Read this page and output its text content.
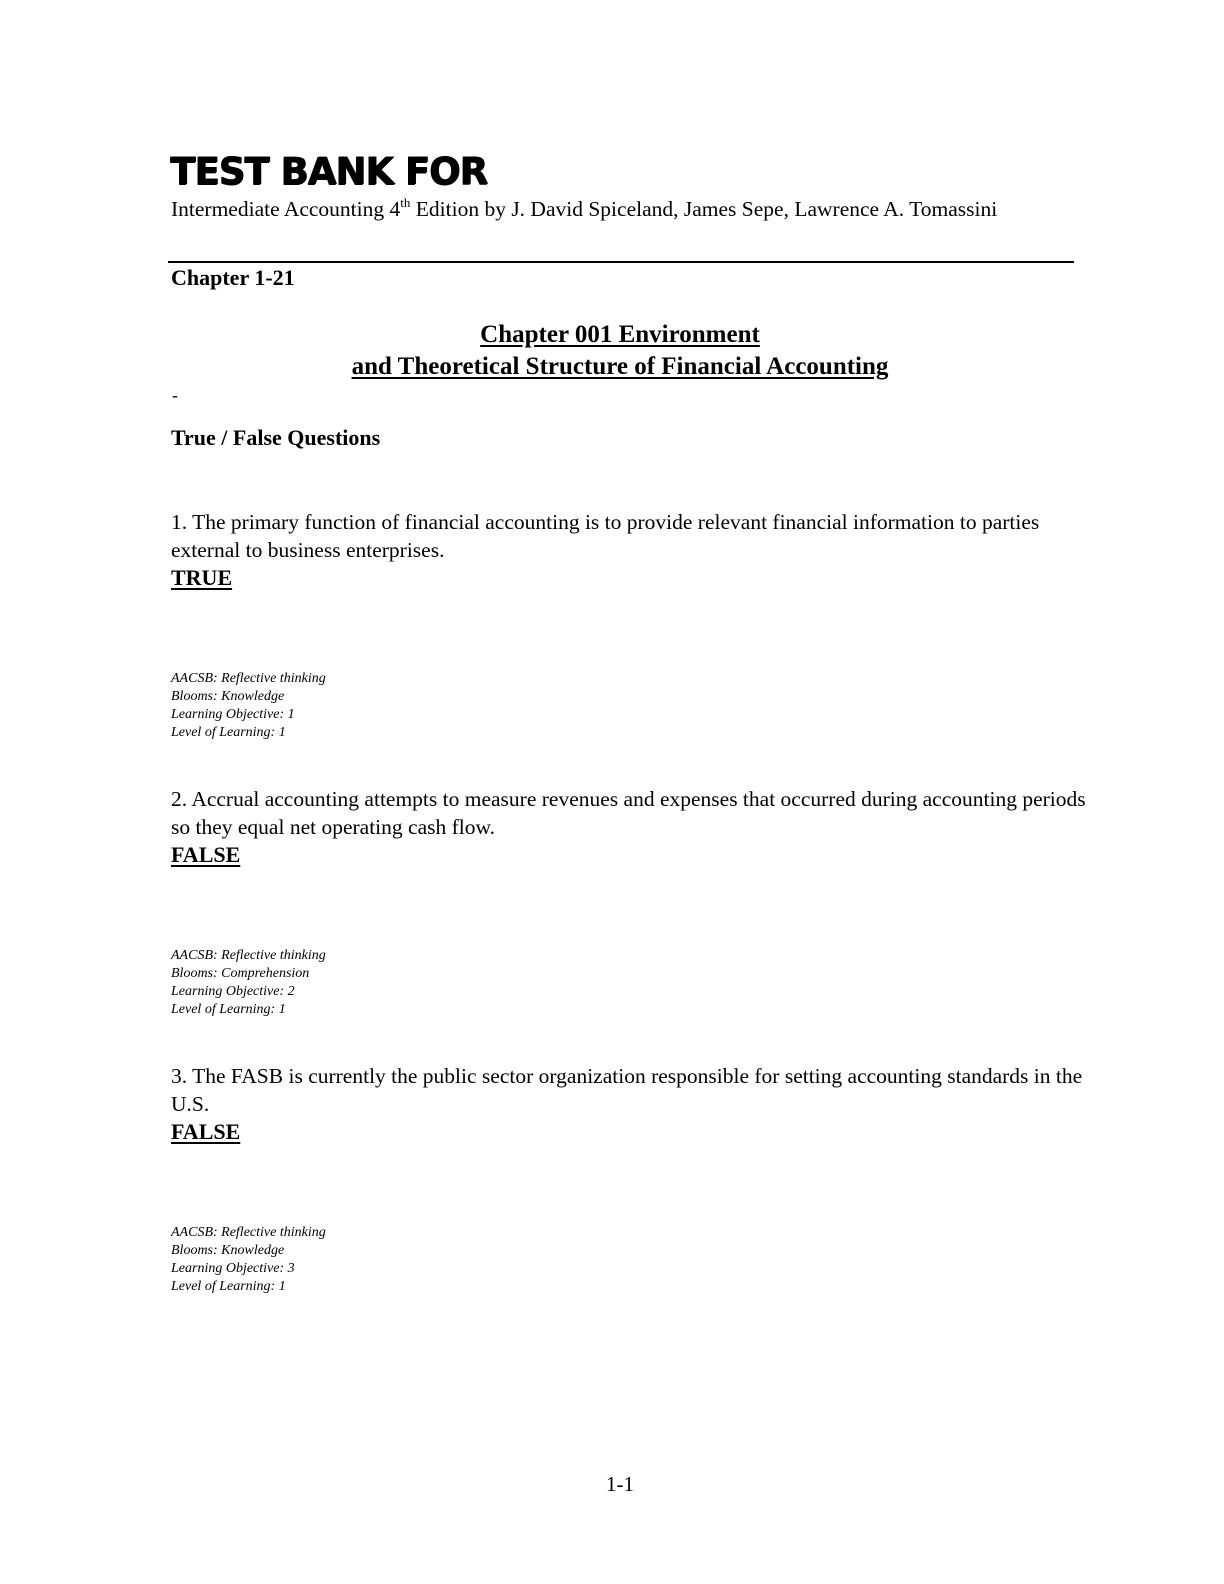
TEST BANK FOR
Intermediate Accounting 4th Edition by J. David Spiceland, James Sepe, Lawrence A. Tomassini
Chapter 1-21
Chapter 001 Environment
and Theoretical Structure of Financial Accounting
-
True / False Questions

1. The primary function of financial accounting is to provide relevant financial information to parties external to business enterprises.

TRUE
AACSB: Reflective thinking
Blooms: Knowledge
Learning Objective: 1
Level of Learning: 1

2. Accrual accounting attempts to measure revenues and expenses that occurred during accounting periods so they equal net operating cash flow.

FALSE
AACSB: Reflective thinking
Blooms: Comprehension
Learning Objective: 2
Level of Learning: 1

3. The FASB is currently the public sector organization responsible for setting accounting standards in the U.S.

FALSE
AACSB: Reflective thinking
Blooms: Knowledge
Learning Objective: 3
Level of Learning: 1
1-1
